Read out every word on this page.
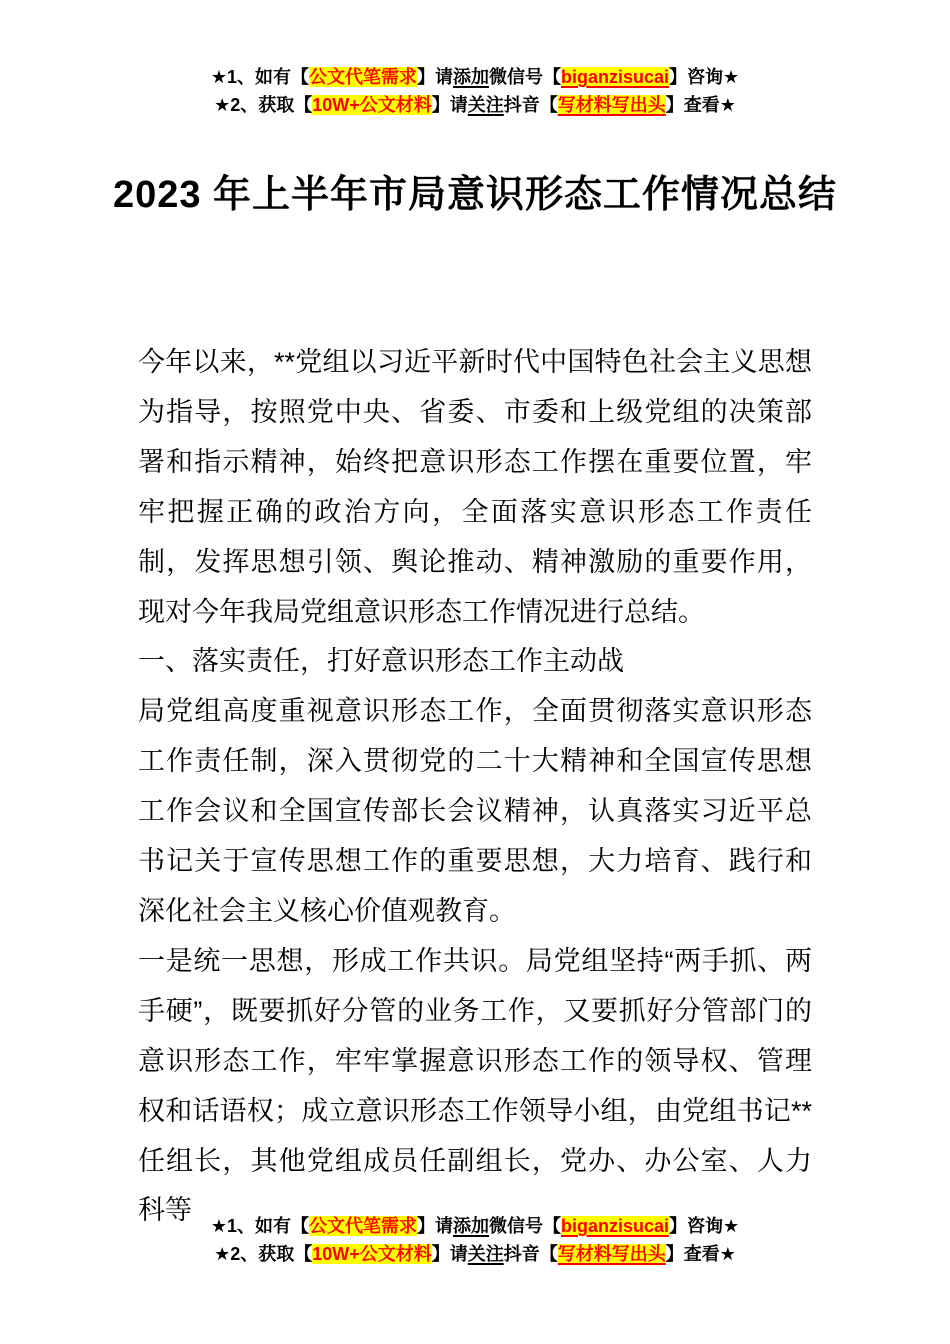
★1、如有【公文代笔需求】请添加微信号【biganzisucai】咨询★
★2、获取【10W+公文材料】请关注抖音【写材料写出头】查看★
2023 年上半年市局意识形态工作情况总结

今年以来，**党组以习近平新时代中国特色社会主义思想为指导，按照党中央、省委、市委和上级党组的决策部署和指示精神，始终把意识形态工作摆在重要位置，牢牢把握正确的政治方向，全面落实意识形态工作责任制，发挥思想引领、舆论推动、精神激励的重要作用，现对今年我局党组意识形态工作情况进行总结。

一、落实责任，打好意识形态工作主动战

局党组高度重视意识形态工作，全面贯彻落实意识形态工作责任制，深入贯彻党的二十大精神和全国宣传思想工作会议和全国宣传部长会议精神，认真落实习近平总书记关于宣传思想工作的重要思想，大力培育、践行和深化社会主义核心价值观教育。

一是统一思想，形成工作共识。局党组坚持“两手抓、两手硬”，既要抓好分管的业务工作，又要抓好分管部门的意识形态工作，牢牢掌握意识形态工作的领导权、管理权和话语权；成立意识形态工作领导小组，由党组书记**任组长，其他党组成员任副组长，党办、办公室、人力科等

★1、如有【公文代笔需求】请添加微信号【biganzisucai】咨询★
★2、获取【10W+公文材料】请关注抖音【写材料写出头】查看★
